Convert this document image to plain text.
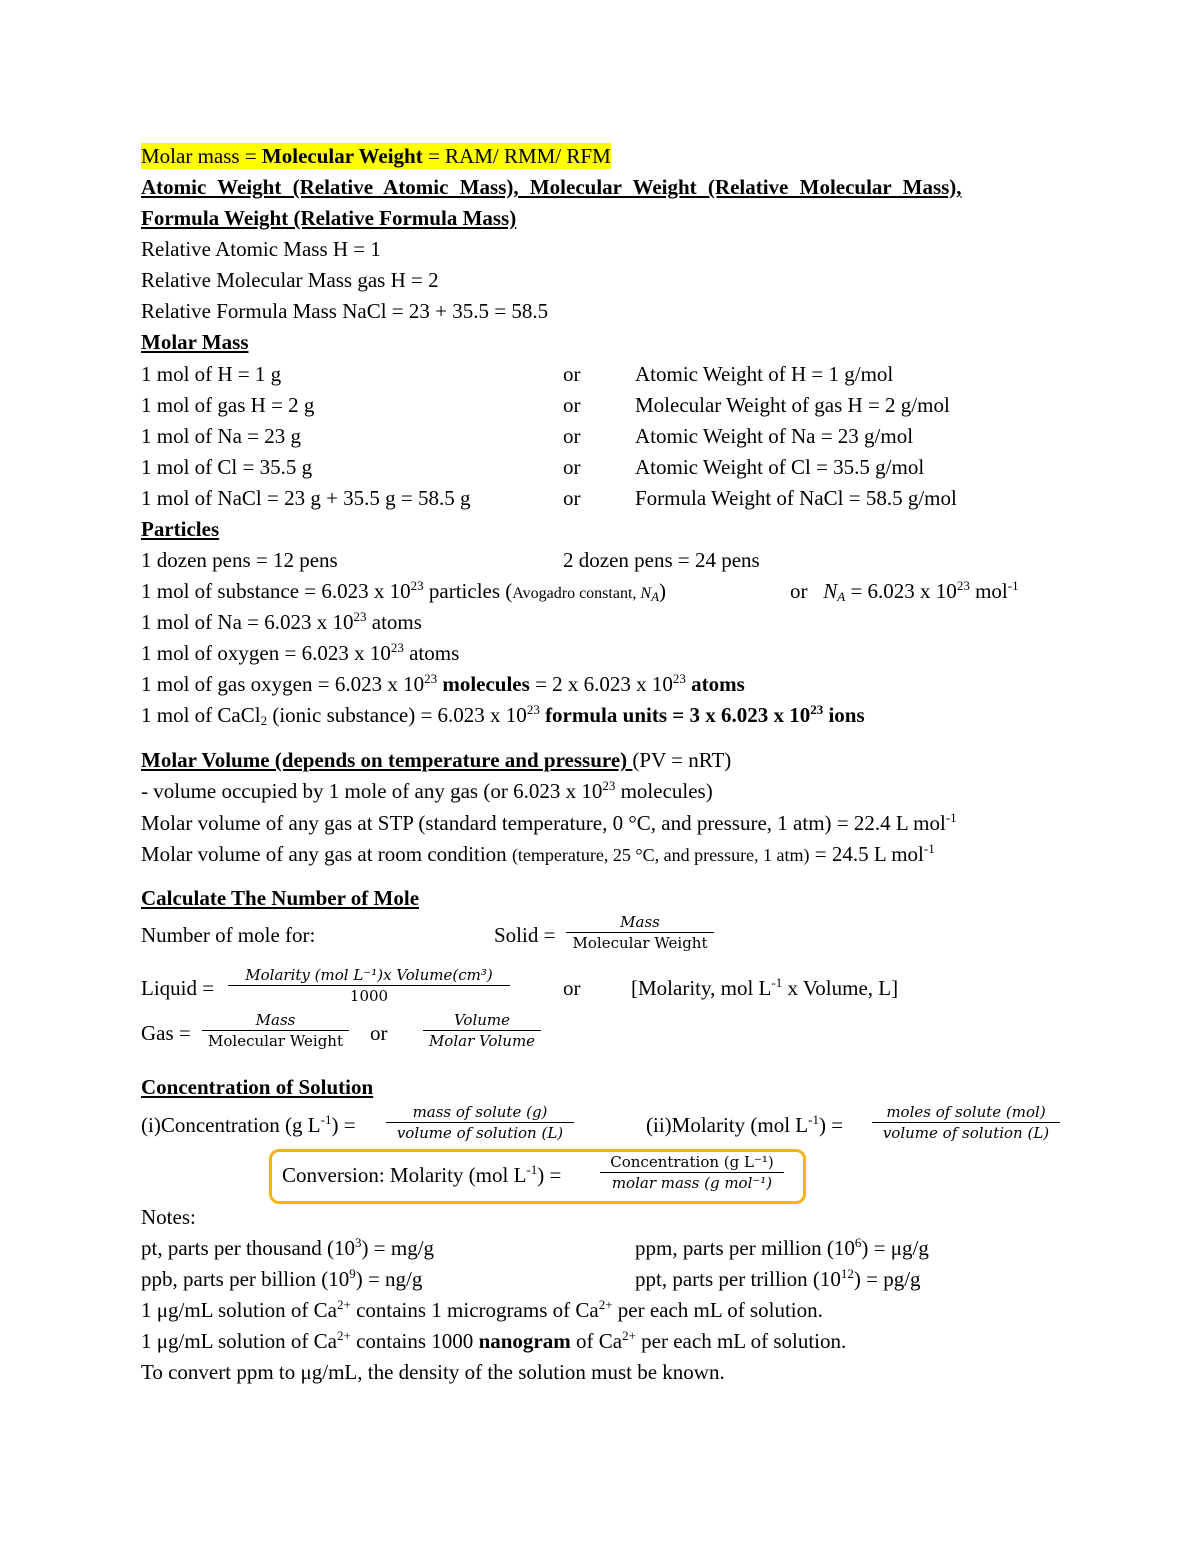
Molar mass = Molecular Weight = RAM/ RMM/ RFM
Atomic Weight (Relative Atomic Mass), Molecular Weight (Relative Molecular Mass),
Formula Weight (Relative Formula Mass)
Relative Atomic Mass H = 1
Relative Molecular Mass gas H = 2
Relative Formula Mass NaCl = 23 + 35.5 = 58.5
Molar Mass
1 mol of H = 1 g	or	Atomic Weight of H = 1 g/mol
1 mol of gas H = 2 g	or	Molecular Weight of gas H = 2 g/mol
1 mol of Na = 23 g	or	Atomic Weight of Na = 23 g/mol
1 mol of Cl = 35.5 g	or	Atomic Weight of Cl = 35.5 g/mol
1 mol of NaCl = 23 g + 35.5 g = 58.5 g	or	Formula Weight of NaCl = 58.5 g/mol
Particles
1 dozen pens = 12 pens	2 dozen pens = 24 pens
1 mol of substance = 6.023 x $10^{23}$ particles (Avogadro constant, $N_A$)	or $N_A = 6.023$ x $10^{23}$ mol$^{-1}$
1 mol of Na = 6.023 x $10^{23}$ atoms
1 mol of oxygen = 6.023 x $10^{23}$ atoms
1 mol of gas oxygen = 6.023 x $10^{23}$ molecules = 2 x 6.023 x $10^{23}$ atoms
1 mol of CaCl$_2$ (ionic substance) = 6.023 x $10^{23}$ formula units = 3 x 6.023 x $10^{23}$ ions
Molar Volume (depends on temperature and pressure) (PV = nRT)
- volume occupied by 1 mole of any gas (or 6.023 x $10^{23}$ molecules)
Molar volume of any gas at STP (standard temperature, 0 °C, and pressure, 1 atm) = 22.4 L mol$^{-1}$
Molar volume of any gas at room condition (temperature, 25 °C, and pressure, 1 atm) = 24.5 L mol$^{-1}$
Calculate The Number of Mole
Number of mole for:	Solid =
Mass
Molecular Weight
Liquid =
Molarity (mol L⁻¹)x Volume(cm³)
1000	or [Molarity, mol $L^{-1}$ x Volume, L]
Gas =
Mass
Molecular Weight or
Volume
Molar Volume
Concentration of Solution
(i)Concentration (g $L^{-1}$) =
mass of solute (g)
volume of solution (L)	(ii)Molarity (mol $L^{-1}$) =
moles of solute (mol)
volume of solution (L)
Conversion: Molarity (mol $L^{-1}$) =
Concentration (g L⁻¹)
molar mass (g mol⁻¹)
Notes:
pt, parts per thousand $(10^3) = mg/g$	ppm, parts per million $(10^6) = \mu g/g$
ppb, parts per billion $(10^9) = ng/g$	ppt, parts per trillion $(10^{12}) = pg/g$
1 μg/mL solution of $Ca^{2+}$ contains 1 micrograms of $Ca^{2+}$ per each mL of solution.
1 μg/mL solution of $Ca^{2+}$ contains 1000 nanogram of $Ca^{2+}$ per each mL of solution.
To convert ppm to μg/mL, the density of the solution must be known.
